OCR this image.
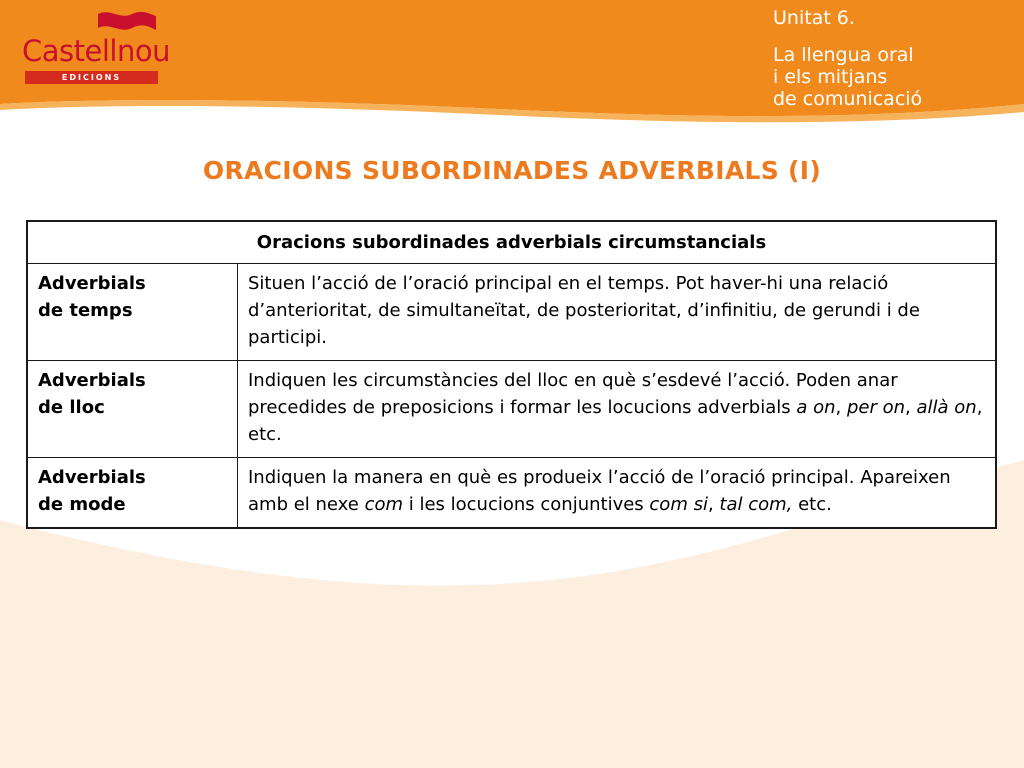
Castellnou
EDICIONS
Unitat 6.
La llengua oral
i els mitjans
de comunicació
ORACIONS SUBORDINADES ADVERBIALS (I)
Oracions subordinades adverbials circumstancials	

Adverbials
de temps	Situen l’acció de l’oració principal en el temps. Pot haver-hi una relació d’anterioritat, de simultaneïtat, de posterioritat, d’infinitiu, de gerundi i de participi.

Adverbials
de lloc	Indiquen les circumstàncies del lloc en què s’esdevé l’acció. Poden anar precedides de preposicions i formar les locucions adverbials a on, per on, allà on, etc.

Adverbials
de mode	Indiquen la manera en què es produeix l’acció de l’oració principal. Apareixen amb el nexe com i les locucions conjuntives com si, tal com, etc.
